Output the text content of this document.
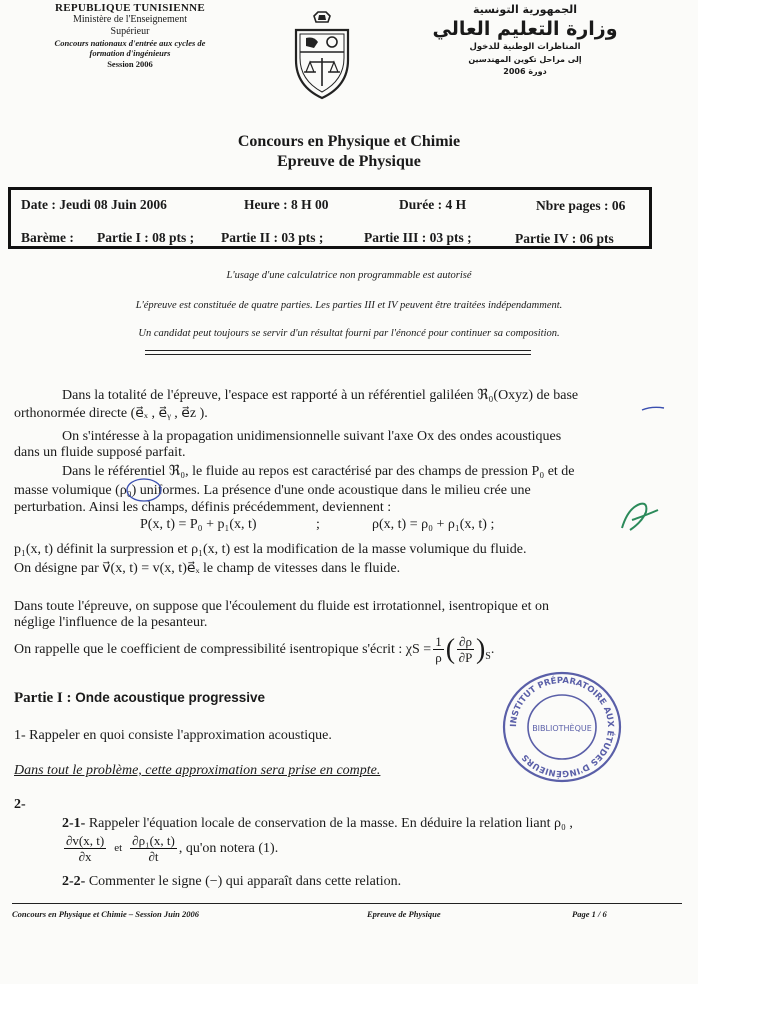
REPUBLIQUE TUNISIENNE
Ministère de l'Enseignement
Supérieur
Concours nationaux d'entrée aux cycles de
formation d'ingénieurs
Session 2006
الجمهورية التونسية
وزارة التعليم العالي
المناظرات الوطنية للدخول
إلى مراحل تكوين المهندسين
دورة 2006
Concours en Physique et Chimie
Epreuve de Physique
Date : Jeudi 08 Juin 2006	Heure : 8 H 00	Durée : 4 H	Nbre pages : 06
Barème : Partie I : 08 pts ; Partie II : 03 pts ;	Partie III : 03 pts ;	Partie IV : 06 pts
L'usage d'une calculatrice non programmable est autorisé
L'épreuve est constituée de quatre parties. Les parties III et IV peuvent être traitées indépendamment.
Un candidat peut toujours se servir d'un résultat fourni par l'énoncé pour continuer sa composition.
Dans la totalité de l'épreuve, l'espace est rapporté à un référentiel galiléen ℜ₀(Oxyz) de base
orthonormée directe (e⃗ₓ , e⃗ᵧ , e⃗z ).
On s'intéresse à la propagation unidimensionnelle suivant l'axe Ox des ondes acoustiques
dans un fluide supposé parfait.
Dans le référentiel ℜ₀, le fluide au repos est caractérisé par des champs de pression P₀ et de
masse volumique (ρ₀) uniformes. La présence d'une onde acoustique dans le milieu crée une
perturbation. Ainsi les champs, définis précédemment, deviennent :
P(x, t) = P₀ + p₁(x, t)	;	ρ(x, t) = ρ₀ + ρ₁(x, t) ;
p₁(x, t) définit la surpression et ρ₁(x, t) est la modification de la masse volumique du fluide.
On désigne par v⃗(x, t) = v(x, t)e⃗ₓ le champ de vitesses dans le fluide.
Dans toute l'épreuve, on suppose que l'écoulement du fluide est irrotationnel, isentropique et on
néglige l'influence de la pesanteur.
On rappelle que le coefficient de compressibilité isentropique s'écrit : $\chi S = \frac{1}{\rho}$ ( $\frac{\partial\rho}{\partial P}$ ) S .
Partie I : Onde acoustique progressive
1- Rappeler en quoi consiste l'approximation acoustique.
Dans tout le problème, cette approximation sera prise en compte.
2-
2-1- Rappeler l'équation locale de conservation de la masse. En déduire la relation liant ρ₀ ,
$\frac{\partial v(x, t)}{\partial x}$ et $\frac{\text{∂ρ₁(x, t)}}{\partial t}$ , qu'on notera (1).
2-2- Commenter le signe (−) qui apparaît dans cette relation.
INSTITUT PRÉPARATOIRE AUX ÉTUDES D'INGÉNIEURS
BIBLIOTHÈQUE
Concours en Physique et Chimie – Session Juin 2006	Epreuve de Physique	Page 1 / 6
